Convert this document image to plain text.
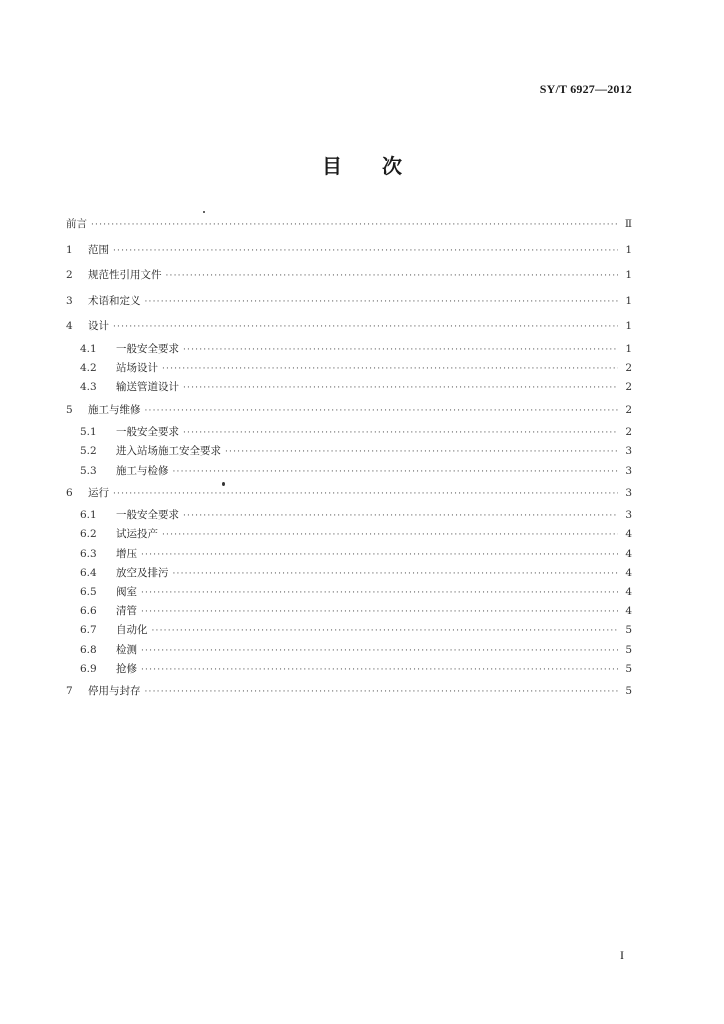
SY/T 6927—2012
目次
前言 ·····	Ⅱ
1	范围 ·····	1
2	规范性引用文件 ·····	1
3	术语和定义 ·····	1
4	设计 ·····	1
4.1	一般安全要求 ·····	1
4.2	站场设计 ·····	2
4.3	输送管道设计 ·····	2
5	施工与维修 ·····	2
5.1	一般安全要求 ·····	2
5.2	进入站场施工安全要求 ·····	3
5.3	施工与检修 ·····	3
6	运行 ·····	3
6.1	一般安全要求 ·····	3
6.2	试运投产 ·····	4
6.3	增压 ·····	4
6.4	放空及排污 ·····	4
6.5	阀室 ·····	4
6.6	清管 ·····	4
6.7	自动化 ·····	5
6.8	检测 ·····	5
6.9	抢修 ·····	5
7	停用与封存 ·····	5
I
